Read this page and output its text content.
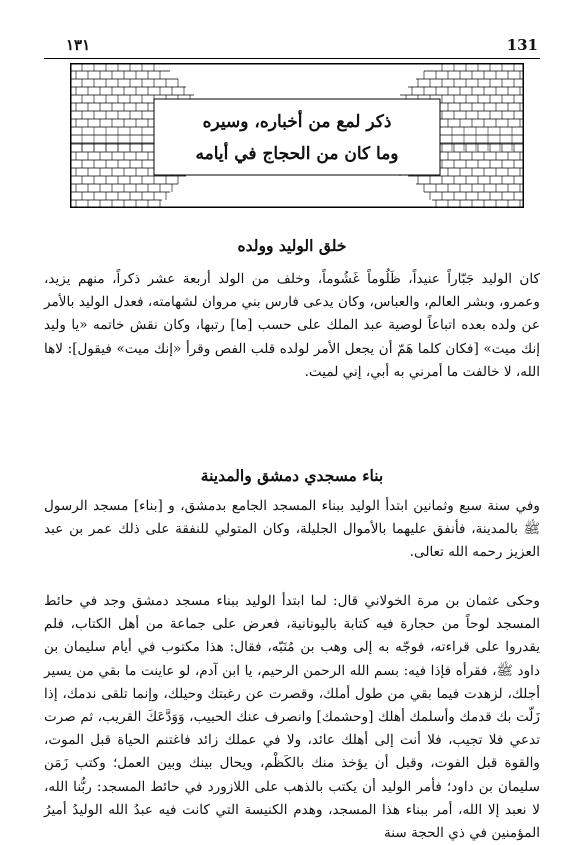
١٣١	131
ذكر لمع من أخباره، وسيره
وما كان من الحجاج في أيامه
خلق الوليد وولده
كان الوليد جَبّاراً عنيداً، ظَلُوماً غَشُوماً، وخلف من الولد أربعة عشر ذكراً، منهم يزيد، وعمرو، وبشر العالم، والعباس، وكان يدعى فارس بني مروان لشهامته، فعدل الوليد بالأمر عن ولده بعده اتباعاً لوصية عبد الملك على حسب [ما] رتبها، وكان نقش خاتمه «يا وليد إنك ميت» [فكان كلما هَمّ أن يجعل الأمر لولده قلب الفص وقرأ «إنك ميت» فيقول]: لاها الله، لا خالفت ما أمرني به أبي، إني لميت.
بناء مسجدي دمشق والمدينة
وفي سنة سبع وثمانين ابتدأ الوليد ببناء المسجد الجامع بدمشق، و [بناء] مسجد الرسول ﷺ بالمدينة، فأنفق عليهما بالأموال الجليلة، وكان المتولي للنفقة على ذلك عمر بن عبد العزيز رحمه الله تعالى.
وحكى عثمان بن مرة الخولاني قال: لما ابتدأ الوليد ببناء مسجد دمشق وجد في حائط المسجد لوحاً من حجارة فيه كتابة باليونانية، فعرض على جماعة من أهل الكتاب، فلم يقدروا على قراءته، فوجّه به إلى وهب بن مُنَبّه، فقال: هذا مكتوب في أيام سليمان بن داود ﷺ، فقرأه فإذا فيه: بسم الله الرحمن الرحيم، يا ابن آدم، لو عاينت ما بقي من يسير أجلك، لزهدت فيما بقي من طول أملك، وقصرت عن رغبتك وحيلك، وإنما تلقى ندمك، إذا زَلّت بك قدمك وأسلمك أهلك [وحشمك] وانصرف عنك الحبيب، وَوَدَّعَكَ القريب، ثم صرت تدعي فلا تجيب، فلا أنت إلى أهلك عائد، ولا في عملك زائد فاغتنم الحياة قبل الموت، والقوة قبل الفوت، وقبل أن يؤخذ منك بالكَظْم، ويحال بينك وبين العمل؛ وكتب زَمَن سليمان بن داود؛ فأمر الوليد أن يكتب بالذهب على اللازورد في حائط المسجد: ربُّنا الله، لا نعبد إلا الله، أمر ببناء هذا المسجد، وهدم الكنيسة التي كانت فيه عبدُ الله الوليدُ أميرُ المؤمنين في ذي الحجة سنة
